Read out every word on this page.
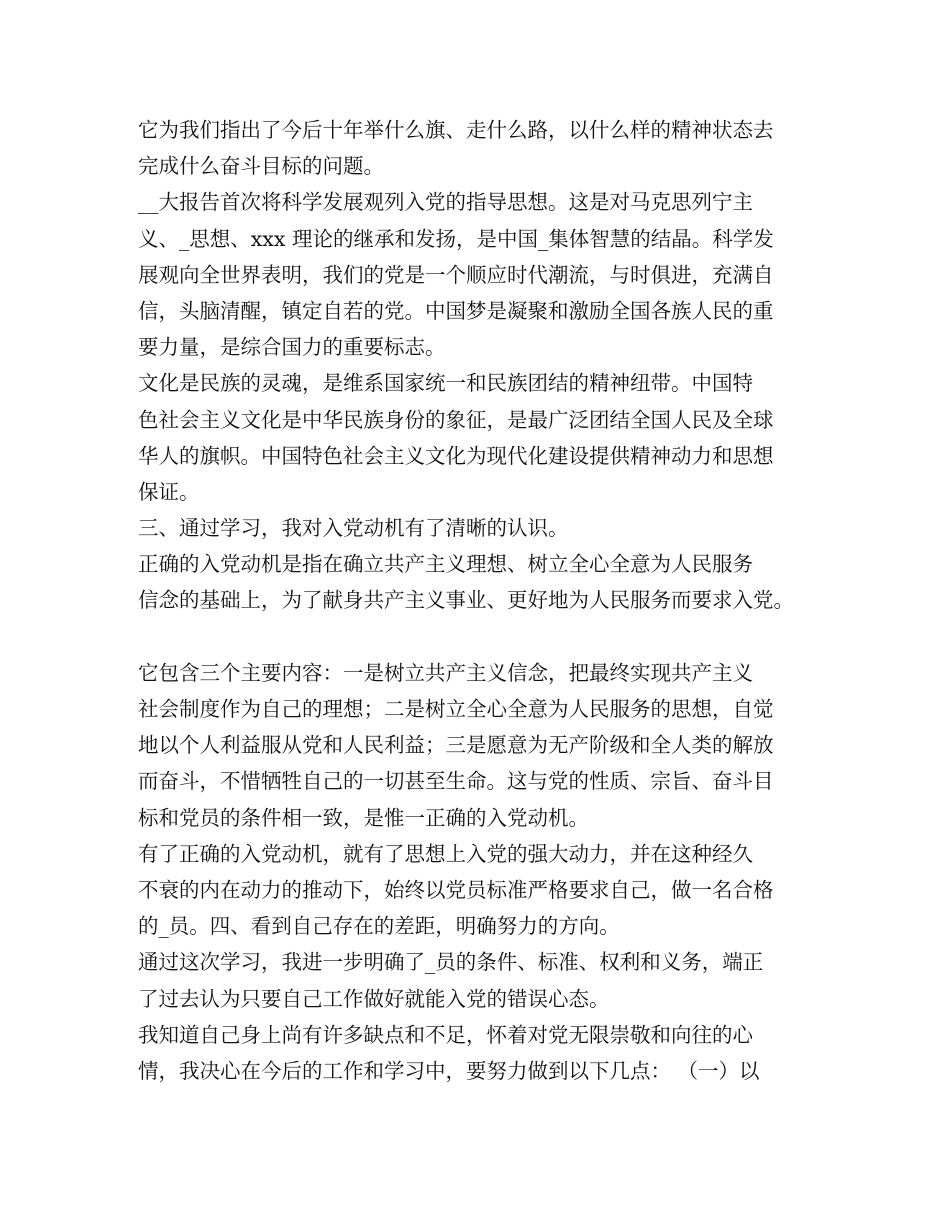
它为我们指出了今后十年举什么旗、走什么路，以什么样的精神状态去
完成什么奋斗目标的问题。
__大报告首次将科学发展观列入党的指导思想。这是对马克思列宁主
义、_思想、xxx 理论的继承和发扬，是中国_集体智慧的结晶。科学发
展观向全世界表明，我们的党是一个顺应时代潮流，与时俱进，充满自
信，头脑清醒，镇定自若的党。中国梦是凝聚和激励全国各族人民的重
要力量，是综合国力的重要标志。
文化是民族的灵魂，是维系国家统一和民族团结的精神纽带。中国特
色社会主义文化是中华民族身份的象征，是最广泛团结全国人民及全球
华人的旗帜。中国特色社会主义文化为现代化建设提供精神动力和思想
保证。
三、通过学习，我对入党动机有了清晰的认识。
正确的入党动机是指在确立共产主义理想、树立全心全意为人民服务
信念的基础上，为了献身共产主义事业、更好地为人民服务而要求入党。
它包含三个主要内容：一是树立共产主义信念，把最终实现共产主义
社会制度作为自己的理想；二是树立全心全意为人民服务的思想，自觉
地以个人利益服从党和人民利益；三是愿意为无产阶级和全人类的解放
而奋斗，不惜牺牲自己的一切甚至生命。这与党的性质、宗旨、奋斗目
标和党员的条件相一致，是惟一正确的入党动机。
有了正确的入党动机，就有了思想上入党的强大动力，并在这种经久
不衰的内在动力的推动下，始终以党员标准严格要求自己，做一名合格
的_员。四、看到自己存在的差距，明确努力的方向。
通过这次学习，我进一步明确了_员的条件、标准、权利和义务，端正
了过去认为只要自己工作做好就能入党的错误心态。
我知道自己身上尚有许多缺点和不足，怀着对党无限崇敬和向往的心
情，我决心在今后的工作和学习中，要努力做到以下几点： （一）以
